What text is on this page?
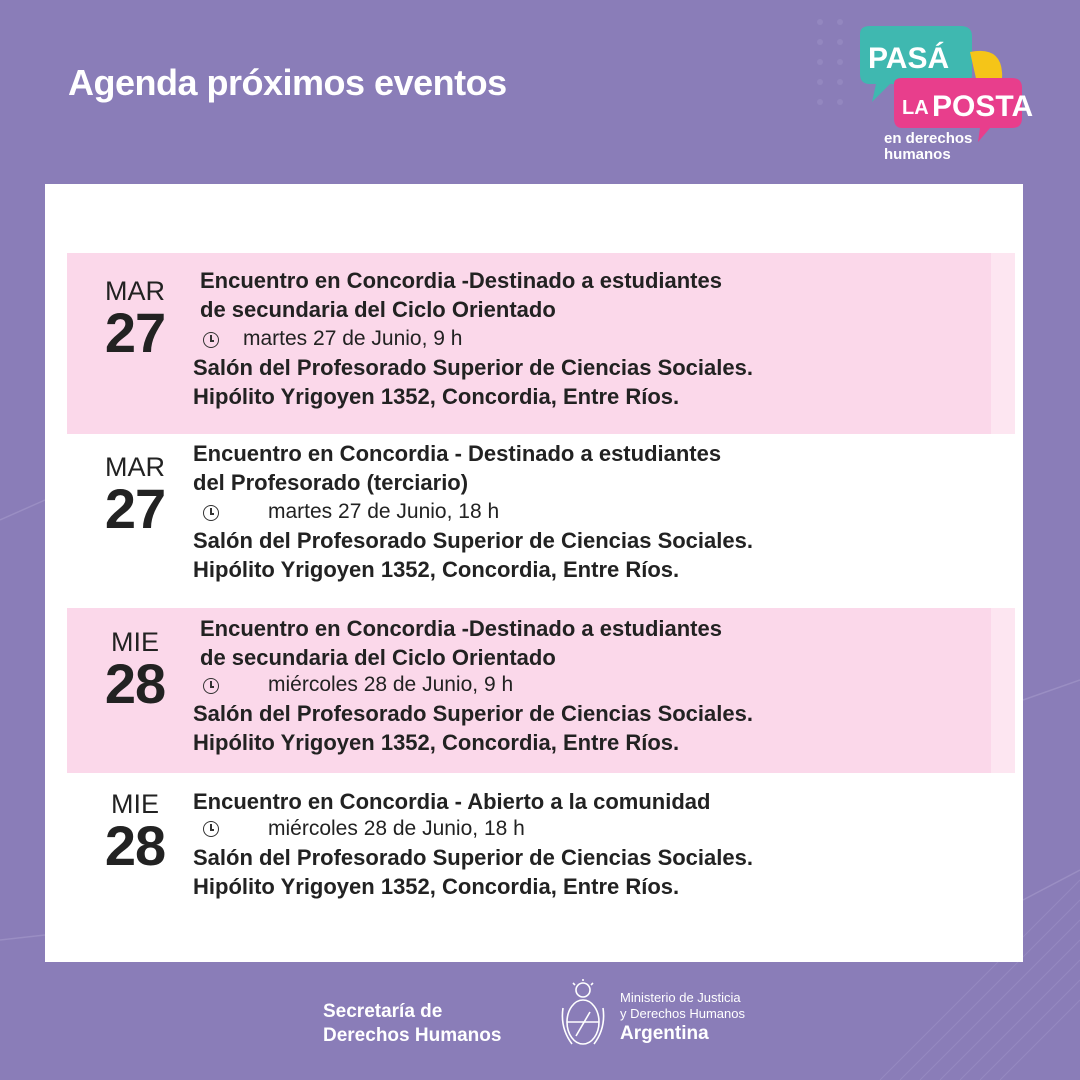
Agenda próximos eventos
PASÁ
LA POSTA
en derechos
humanos
MAR
27
Encuentro en Concordia -Destinado a estudiantes
de secundaria del Ciclo Orientado
martes 27 de Junio, 9 h
Salón del Profesorado Superior de Ciencias Sociales.
Hipólito Yrigoyen 1352, Concordia, Entre Ríos.
MAR
27
Encuentro en Concordia - Destinado a estudiantes
del Profesorado (terciario)
martes 27 de Junio, 18 h
Salón del Profesorado Superior de Ciencias Sociales.
Hipólito Yrigoyen 1352, Concordia, Entre Ríos.
MIE
28
Encuentro en Concordia -Destinado a estudiantes
de secundaria del Ciclo Orientado
miércoles 28 de Junio, 9 h
Salón del Profesorado Superior de Ciencias Sociales.
Hipólito Yrigoyen 1352, Concordia, Entre Ríos.
MIE
28
Encuentro en Concordia - Abierto a la comunidad
miércoles 28 de Junio, 18 h
Salón del Profesorado Superior de Ciencias Sociales.
Hipólito Yrigoyen 1352, Concordia, Entre Ríos.
Secretaría de
Derechos Humanos
Ministerio de Justicia
y Derechos Humanos
Argentina
